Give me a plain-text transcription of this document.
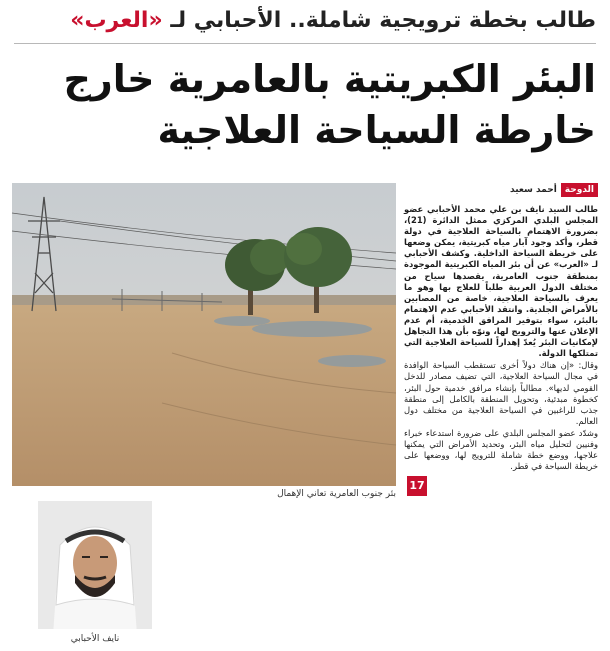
طالب بخطة ترويجية شاملة.. الأحبابي لـ «العرب»
البئر الكبريتية بالعامرية خارج
خارطة السياحة العلاجية
نايف الأحبابي
بئر جنوب العامرية تعاني الإهمال
17
الدوحة
أحمد سعيد

طالب السيد نايف بن علي محمد الأحبابي عضو المجلس البلدي المركزي ممثل الدائرة (21)، بضرورة الاهتمام بالسياحة العلاجية في دولة قطر، وأكد وجود آبار مياه كبريتية، يمكن وضعها على خريطة السياحة الداخلية. وكشف الأحبابي لـ «العرب» عن أن بئر المياه الكبريتية الموجودة بمنطقة جنوب العامرية، يقصدها سياح من مختلف الدول العربية طلباً للعلاج بها وهو ما يعرف بالسياحة العلاجية، خاصة من المصابين بالأمراض الجلدية. وانتقد الأحبابي عدم الاهتمام بالبئر، سواء بتوفير المرافق الخدمية، أم عدم الإعلان عنها والترويج لها، ونوّه بأن هذا التجاهل لإمكانيات البئر يُعدّ إهداراً للسياحة العلاجية التي تمتلكها الدولة.

وقال: «إن هناك دولاً أخرى تستقطب السياحة الوافدة في مجال السياحة العلاجية، التي تضيف مصادر للدخل القومي لديها». مطالباً بإنشاء مرافق خدمية حول البئر، كخطوة مبدئية، وتحويل المنطقة بالكامل إلى منطقة جذب للراغبين في السياحة العلاجية من مختلف دول العالم.

وشدّد عضو المجلس البلدي على ضرورة استدعاء خبراء وفنيين لتحليل مياه البئر، وتحديد الأمراض التي يمكنها علاجها، ووضع خطة شاملة للترويج لها، ووضعها على خريطة السياحة في قطر.
